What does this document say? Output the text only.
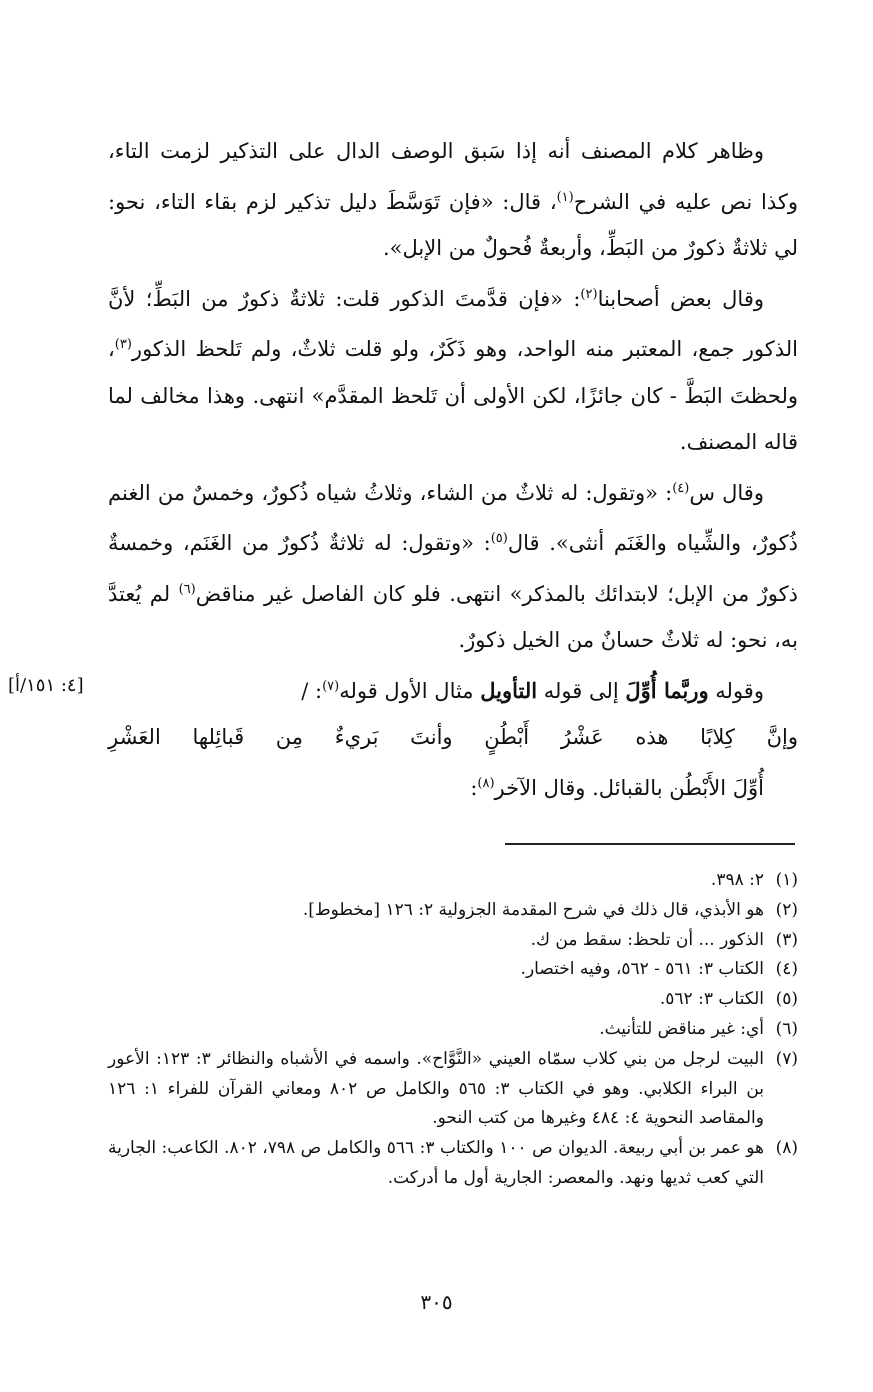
[٤: ١٥١/أ]

وظاهر كلام المصنف أنه إذا سَبق الوصف الدال على التذكير لزمت التاء، وكذا نص عليه في الشرح$^{(١)}$، قال: «فإن تَوَسَّطَ دليل تذكير لزم بقاء التاء، نحو: لي ثلاثةٌ ذكورٌ من البَطِّ، وأربعةٌ فُحولٌ من الإبل».

وقال بعض أصحابنا$^{(٢)}$: «فإن قدَّمتَ الذكور قلت: ثلاثةٌ ذكورٌ من البَطِّ؛ لأنَّ الذكور جمع، المعتبر منه الواحد، وهو ذَكَرٌ، ولو قلت ثلاثٌ، ولم تَلحظ الذكور$^{(٣)}$، ولحظتَ البَطَّ - كان جائزًا، لكن الأولى أن تَلحظ المقدَّم» انتهى. وهذا مخالف لما قاله المصنف.

وقال س$^{(٤)}$: «وتقول: له ثلاثٌ من الشاء، وثلاثُ شياه ذُكورٌ، وخمسٌ من الغنم ذُكورٌ، والشِّياه والغَنَم أنثى». قال$^{(٥)}$: «وتقول: له ثلاثةٌ ذُكورٌ من الغَنَم، وخمسةٌ ذكورٌ من الإبل؛ لابتدائك بالمذكر» انتهى. فلو كان الفاصل غير مناقض$^{(٦)}$ لم يُعتدَّ به، نحو: له ثلاثٌ حسانٌ من الخيل ذكورٌ.

وقوله وربَّما أُوِّلَ إلى قوله التأويل مثال الأول قوله$^{(٧)}$: /

وإنَّ
كِلابًا
هذه
عَشْرُ
أَبْطُنٍ
وأنتَ
بَريءٌ
مِن
قَبائِلها
العَشْرِ

أُوِّلَ الأَبْطُن بالقبائل. وقال الآخر$^{(٨)}$:

(١)
٢: ٣٩٨.
(٢)
هو الأبذي، قال ذلك في شرح المقدمة الجزولية ٢: ١٢٦ [مخطوط].
(٣)
الذكور ... أن تلحظ: سقط من ك.
(٤)
الكتاب ٣: ٥٦١ - ٥٦٢، وفيه اختصار.
(٥)
الكتاب ٣: ٥٦٢.
(٦)
أي: غير مناقض للتأنيث.
(٧)
البيت لرجل من بني كلاب سمّاه العيني «النَّوَّاح». واسمه في الأشباه والنظائر ٣: ١٢٣: الأعور بن البراء الكلابي. وهو في الكتاب ٣: ٥٦٥ والكامل ص ٨٠٢ ومعاني القرآن للفراء ١: ١٢٦ والمقاصد النحوية ٤: ٤٨٤ وغيرها من كتب النحو.
(٨)
هو عمر بن أبي ربيعة. الديوان ص ١٠٠ والكتاب ٣: ٥٦٦ والكامل ص ٧٩٨، ٨٠٢. الكاعب: الجارية التي كعب ثديها ونهد. والمعصر: الجارية أول ما أدركت.
٣٠٥
